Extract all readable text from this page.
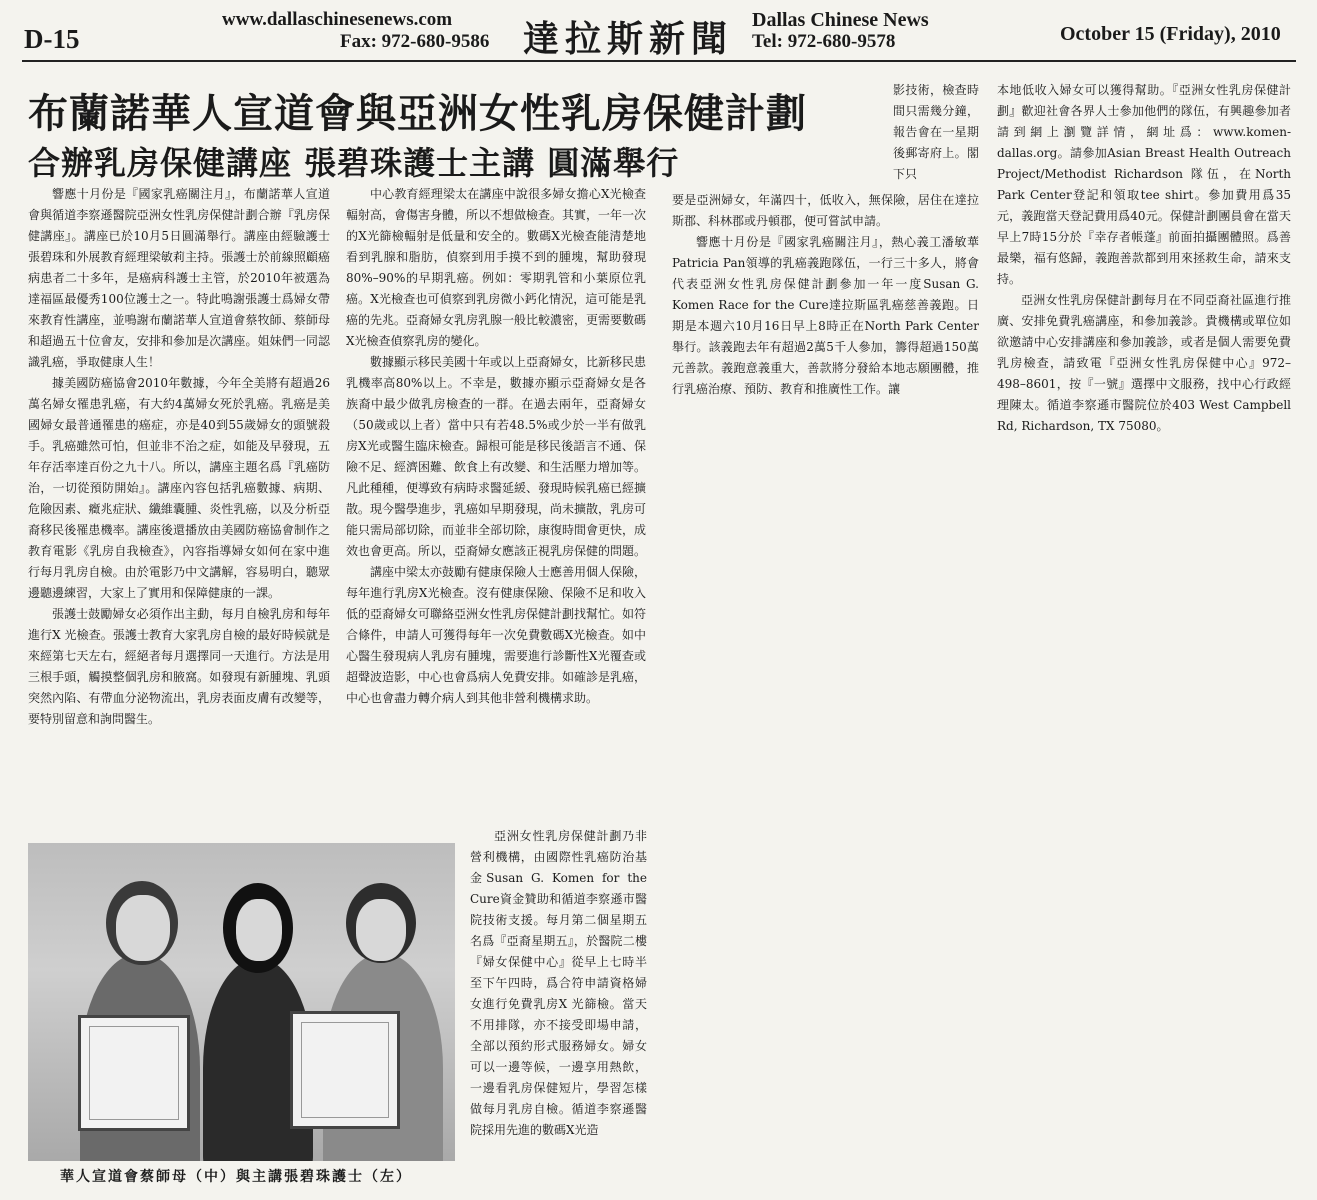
D-15
www.dallaschinesenews.com
Fax: 972-680-9586 達拉斯新聞 Dallas Chinese News
Tel: 972-680-9578	October 15 (Friday), 2010
布蘭諾華人宣道會與亞洲女性乳房保健計劃
合辦乳房保健講座 張碧珠護士主講 圓滿舉行

響應十月份是『國家乳癌關注月』，布蘭諾華人宣道會與循道李察遜醫院亞洲女性乳房保健計劃合辦『乳房保健講座』。講座已於10月5日圓滿舉行。講座由經驗護士張碧珠和外展教育經理梁敏莉主持。張護士於前線照顧癌病患者二十多年，是癌病科護士主管，於2010年被選為達福區最優秀100位護士之一。特此鳴謝張護士爲婦女帶來教育性講座，並鳴謝布蘭諾華人宣道會蔡牧師、蔡師母和超過五十位會友，安排和參加是次講座。姐妹們一同認識乳癌，爭取健康人生！

據美國防癌協會2010年數據，今年全美將有超過26萬名婦女罹患乳癌，有大約4萬婦女死於乳癌。乳癌是美國婦女最普通罹患的癌症，亦是40到55歲婦女的頭號殺手。乳癌雖然可怕，但並非不治之症，如能及早發現，五年存活率達百份之九十八。所以，講座主題名爲『乳癌防治，一切從預防開始』。講座內容包括乳癌數據、病期、危險因素、癥兆症狀、纖維囊腫、炎性乳癌，以及分析亞裔移民後罹患機率。講座後還播放由美國防癌協會制作之教育電影《乳房自我檢查》，內容指導婦女如何在家中進行每月乳房自檢。由於電影乃中文講解，容易明白，聽眾邊聽邊練習，大家上了實用和保障健康的一課。

張護士鼓勵婦女必須作出主動，每月自檢乳房和每年進行X 光檢查。張護士教育大家乳房自檢的最好時候就是來經第七天左右，經絕者每月選擇同一天進行。方法是用三根手頭，觸摸整個乳房和腋窩。如發現有新腫塊、乳頭突然內陷、有帶血分泌物流出，乳房表面皮膚有改變等，要特別留意和詢問醫生。

中心教育經理梁太在講座中說很多婦女擔心X光檢查輻射高，會傷害身體，所以不想做檢查。其實，一年一次的X光篩檢輻射是低量和安全的。數碼X光檢查能清楚地看到乳腺和脂肪，偵察到用手摸不到的腫塊，幫助發現80%–90%的早期乳癌。例如：零期乳管和小葉原位乳癌。X光檢查也可偵察到乳房微小鈣化情況，這可能是乳癌的先兆。亞裔婦女乳房乳腺一般比較濃密，更需要數碼X光檢查偵察乳房的變化。

數據顯示移民美國十年或以上亞裔婦女，比新移民患乳機率高80%以上。不幸是，數據亦顯示亞裔婦女是各族裔中最少做乳房檢查的一群。在過去兩年，亞裔婦女（50歲或以上者）當中只有若48.5%或少於一半有做乳房X光或醫生臨床檢查。歸根可能是移民後語言不通、保險不足、經濟困難、飲食上有改變、和生活壓力增加等。凡此種種，便導致有病時求醫延緩、發現時候乳癌已經擴散。現今醫學進步，乳癌如早期發現，尚未擴散，乳房可能只需局部切除，而並非全部切除，康復時間會更快，成效也會更高。所以，亞裔婦女應該正視乳房保健的問題。

講座中梁太亦鼓勵有健康保險人士應善用個人保險，每年進行乳房X光檢查。沒有健康保險、保險不足和收入低的亞裔婦女可聯絡亞洲女性乳房保健計劃找幫忙。如符合條件，申請人可獲得每年一次免費數碼X光檢查。如中心醫生發現病人乳房有腫塊，需要進行診斷性X光覆查或超聲波造影，中心也會爲病人免費安排。如確診是乳癌，中心也會盡力轉介病人到其他非營利機構求助。

影技術，檢查時間只需幾分鐘，報告會在一星期後郵寄府上。閣下只

要是亞洲婦女，年滿四十，低收入，無保險，居住在達拉斯郡、科林郡或丹頓郡，便可嘗試申請。

響應十月份是『國家乳癌關注月』，熱心義工潘敏華Patricia Pan領導的乳癌義跑隊伍，一行三十多人，將會代表亞洲女性乳房保健計劃參加一年一度Susan G. Komen Race for the Cure達拉斯區乳癌慈善義跑。日期是本週六10月16日早上8時正在North Park Center舉行。該義跑去年有超過2萬5千人參加，籌得超過150萬元善款。義跑意義重大，善款將分發給本地志願團體，推行乳癌治療、預防、教育和推廣性工作。讓

本地低收入婦女可以獲得幫助。『亞洲女性乳房保健計劃』歡迎社會各界人士參加他們的隊伍，有興趣參加者請到網上瀏覽詳情，網址爲：www.komen-dallas.org。請參加Asian Breast Health Outreach Project/Methodist Richardson 隊伍，在North Park Center登記和領取tee shirt。參加費用爲35元，義跑當天登記費用爲40元。保健計劃團員會在當天早上7時15分於『幸存者帳蓬』前面拍攝團體照。爲善最樂，福有悠歸，義跑善款都到用來拯救生命，請來支持。

亞洲女性乳房保健計劃每月在不同亞裔社區進行推廣、安排免費乳癌講座，和參加義診。貴機構或單位如欲邀請中心安排講座和參加義診，或者是個人需要免費乳房檢查，請致電『亞洲女性乳房保健中心』972–498–8601，按『一號』選擇中文服務，找中心行政經理陳太。循道李察遜市醫院位於403 West Campbell Rd, Richardson, TX 75080。

華人宣道會蔡師母（中）與主講張碧珠護士（左）

亞洲女性乳房保健計劃乃非營利機構，由國際性乳癌防治基金Susan G. Komen for the Cure資金贊助和循道李察遜市醫院技術支援。每月第二個星期五名爲『亞裔星期五』，於醫院二樓『婦女保健中心』從早上七時半至下午四時，爲合符申請資格婦女進行免費乳房X 光篩檢。當天不用排隊，亦不接受即場申請，全部以預約形式服務婦女。婦女可以一邊等候，一邊享用熱飲，一邊看乳房保健短片，學習怎樣做每月乳房自檢。循道李察遜醫院採用先進的數碼X光造
